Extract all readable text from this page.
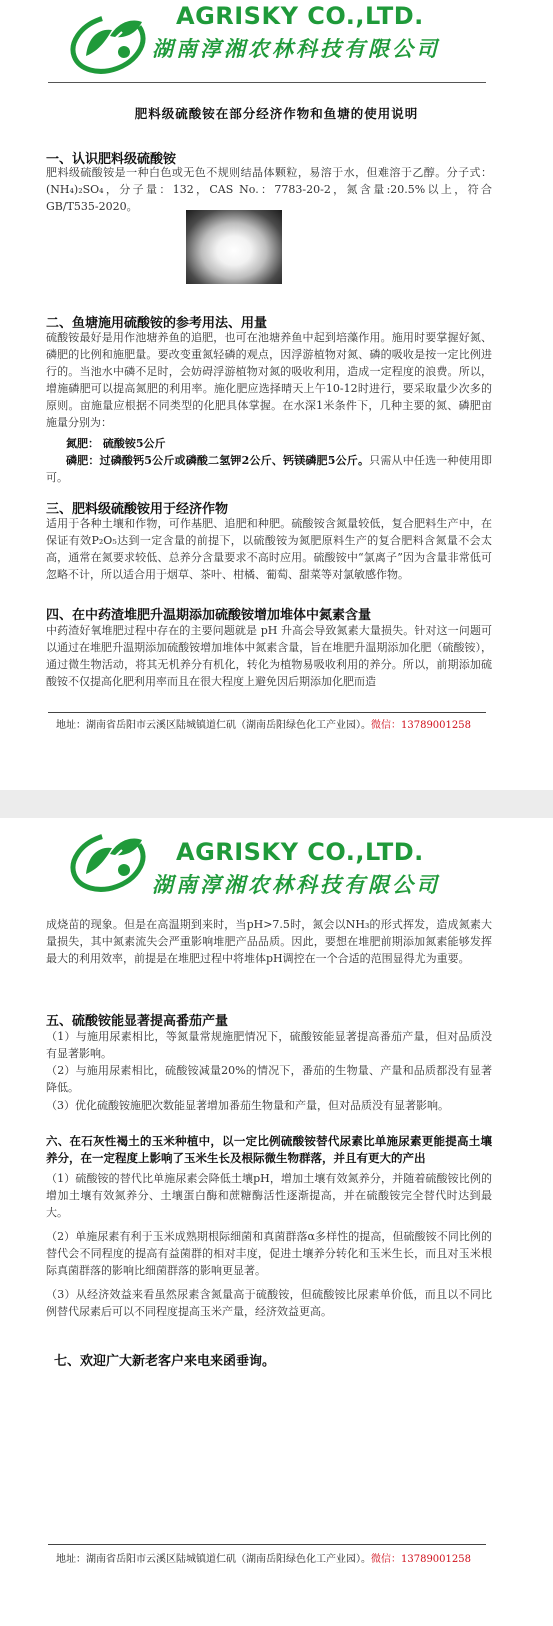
AGRISKY CO.,LTD.
湖南淳湘农林科技有限公司
肥料级硫酸铵在部分经济作物和鱼塘的使用说明
一、认识肥料级硫酸铵
肥料级硫酸铵是一种白色或无色不规则结晶体颗粒，易溶于水，但难溶于乙醇。分子式：(NH₄)₂SO₄，分子量：132，CAS No.：7783-20-2，氮含量:20.5%以上，符合GB/T535-2020。
二、鱼塘施用硫酸铵的参考用法、用量
硫酸铵最好是用作池塘养鱼的追肥，也可在池塘养鱼中起到培藻作用。施用时要掌握好氮、磷肥的比例和施肥量。要改变重氮轻磷的观点，因浮游植物对氮、磷的吸收是按一定比例进行的。当池水中磷不足时，会妨碍浮游植物对氮的吸收利用，造成一定程度的浪费。所以，增施磷肥可以提高氮肥的利用率。施化肥应选择晴天上午10-12时进行，要采取量少次多的原则。亩施量应根据不同类型的化肥具体掌握。在水深1米条件下，几种主要的氮、磷肥亩施量分别为：
氮肥： 硫酸铵5公斤
磷肥：过磷酸钙5公斤或磷酸二氢钾2公斤、钙镁磷肥5公斤。只需从中任选一种使用即可。
三、肥料级硫酸铵用于经济作物
适用于各种土壤和作物，可作基肥、追肥和种肥。硫酸铵含氮量较低，复合肥料生产中，在保证有效P₂O₅达到一定含量的前提下，以硫酸铵为氮肥原料生产的复合肥料含氮量不会太高，通常在氮要求较低、总养分含量要求不高时应用。硫酸铵中“氯离子”因为含量非常低可忽略不计，所以适合用于烟草、茶叶、柑橘、葡萄、甜菜等对氯敏感作物。
四、在中药渣堆肥升温期添加硫酸铵增加堆体中氮素含量
中药渣好氧堆肥过程中存在的主要问题就是 pH 升高会导致氮素大量损失。针对这一问题可以通过在堆肥升温期添加硫酸铵增加堆体中氮素含量，旨在堆肥升温期添加化肥（硫酸铵），通过微生物活动，将其无机养分有机化，转化为植物易吸收利用的养分。所以，前期添加硫酸铵不仅提高化肥利用率而且在很大程度上避免因后期添加化肥而造
地址：湖南省岳阳市云溪区陆城镇道仁矶（湖南岳阳绿色化工产业园）。微信：13789001258
AGRISKY CO.,LTD.
湖南淳湘农林科技有限公司
成烧苗的现象。但是在高温期到来时，当pH>7.5时，氮会以NH₃的形式挥发，造成氮素大量损失，其中氮素流失会严重影响堆肥产品品质。因此，要想在堆肥前期添加氮素能够发挥最大的利用效率，前提是在堆肥过程中将堆体pH调控在一个合适的范围显得尤为重要。
五、硫酸铵能显著提高番茄产量
（1）与施用尿素相比，等氮量常规施肥情况下，硫酸铵能显著提高番茄产量，但对品质没有显著影响。
（2）与施用尿素相比，硫酸铵减量20%的情况下，番茄的生物量、产量和品质都没有显著降低。
（3）优化硫酸铵施肥次数能显著增加番茄生物量和产量，但对品质没有显著影响。
六、在石灰性褐土的玉米种植中，以一定比例硫酸铵替代尿素比单施尿素更能提高土壤养分，在一定程度上影响了玉米生长及根际微生物群落，并且有更大的产出
（1）硫酸铵的替代比单施尿素会降低土壤pH，增加土壤有效氮养分，并随着硫酸铵比例的增加土壤有效氮养分、土壤蛋白酶和蔗糖酶活性逐渐提高，并在硫酸铵完全替代时达到最大。
（2）单施尿素有利于玉米成熟期根际细菌和真菌群落α多样性的提高，但硫酸铵不同比例的替代会不同程度的提高有益菌群的相对丰度，促进土壤养分转化和玉米生长，而且对玉米根际真菌群落的影响比细菌群落的影响更显著。
（3）从经济效益来看虽然尿素含氮量高于硫酸铵，但硫酸铵比尿素单价低，而且以不同比例替代尿素后可以不同程度提高玉米产量，经济效益更高。
七、欢迎广大新老客户来电来函垂询。
地址：湖南省岳阳市云溪区陆城镇道仁矶（湖南岳阳绿色化工产业园）。微信：13789001258
